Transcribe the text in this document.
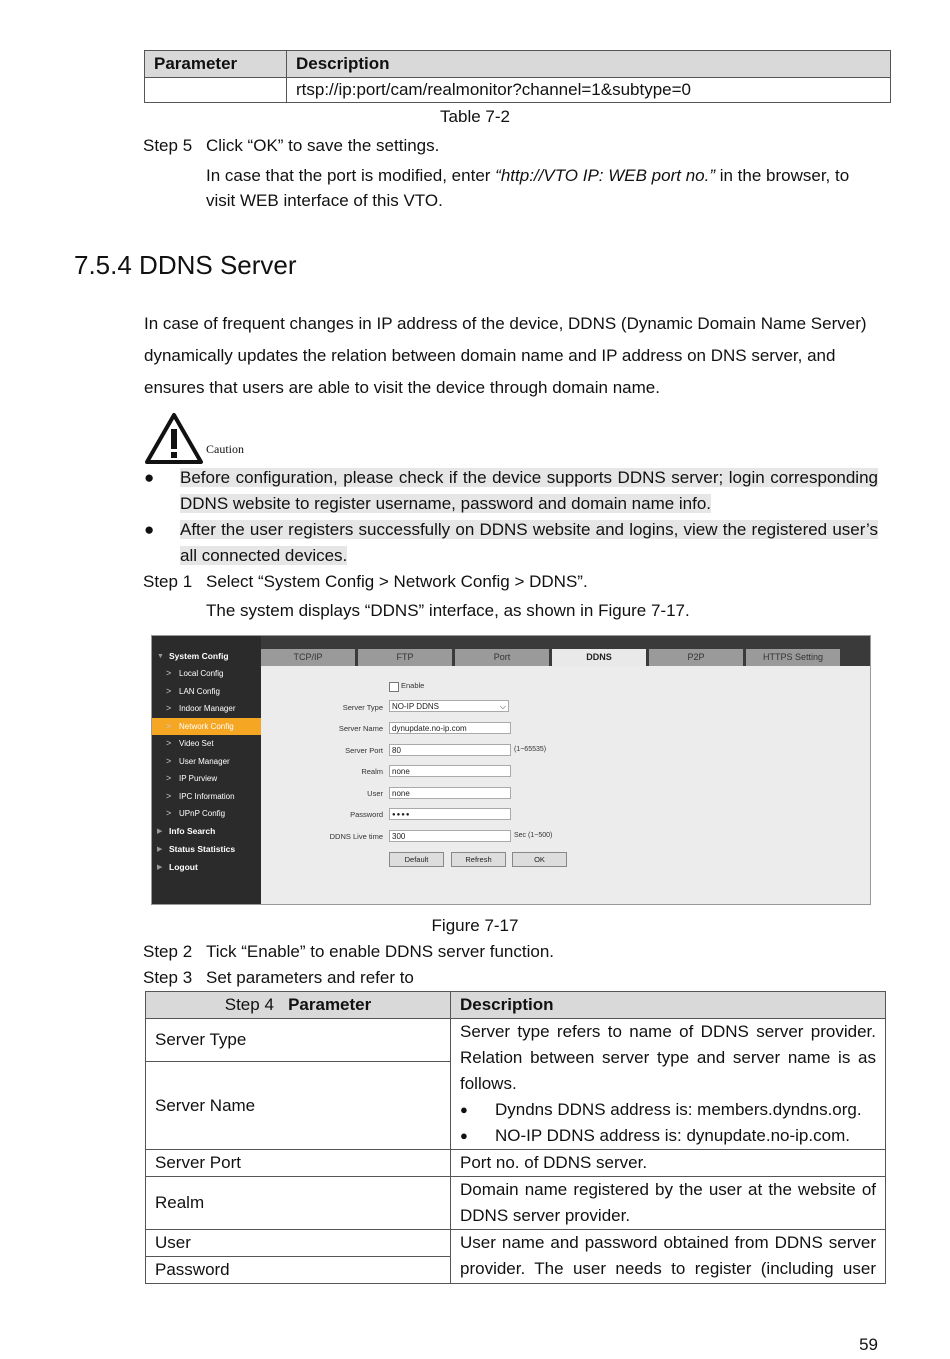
Parameter	Description
	rtsp://ip:port/cam/realmonitor?channel=1&subtype=0
Table 7-2
Step 5 Click “OK” to save the settings.
In case that the port is modified, enter “http://VTO IP: WEB port no.” in the browser, to
visit WEB interface of this VTO.
7.5.4 DDNS Server
In case of frequent changes in IP address of the device, DDNS (Dynamic Domain Name Server) dynamically updates the relation between domain name and IP address on DNS server, and ensures that users are able to visit the device through domain name.
Caution
● Before configuration, please check if the device supports DDNS server; login corresponding DDNS website to register username, password and domain name info.
● After the user registers successfully on DDNS website and logins, view the registered user’s all connected devices.
Step 1 Select “System Config > Network Config > DDNS”.
The system displays “DDNS” interface, as shown in Figure 7-17.
▼ System Config
> Local Config
> LAN Config
> Indoor Manager
> Network Config
> Video Set
> User Manager
> IP Purview
> IPC Information
> UPnP Config
▶ Info Search
▶ Status Statistics
▶ Logout
TCP/IP	FTP	Port	DDNS	P2P	HTTPS Setting
Enable
Server Type	NO-IP DDNS	⌵
Server Name	dynupdate.no-ip.com
Server Port	80	(1~65535)
Realm	none
User	none
Password	●●●●
DDNS Live time	300	Sec (1~500)
Default	Refresh	OK
Figure 7-17
Step 2 Tick “Enable” to enable DDNS server function.
Step 3 Set parameters and refer to
Step 4 Parameter	Description
Server Type	Server type refers to name of DDNS server provider. Relation between server type and server name is as follows.
● Dyndns DDNS address is: members.dyndns.org.
● NO-IP DDNS address is: dynupdate.no-ip.com.

Server Name	
Server Port	Port no. of DDNS server.
Realm	Domain name registered by the user at the website of DDNS server provider.
User	User name and password obtained from DDNS server provider. The user needs to register (including user
Password	
59
